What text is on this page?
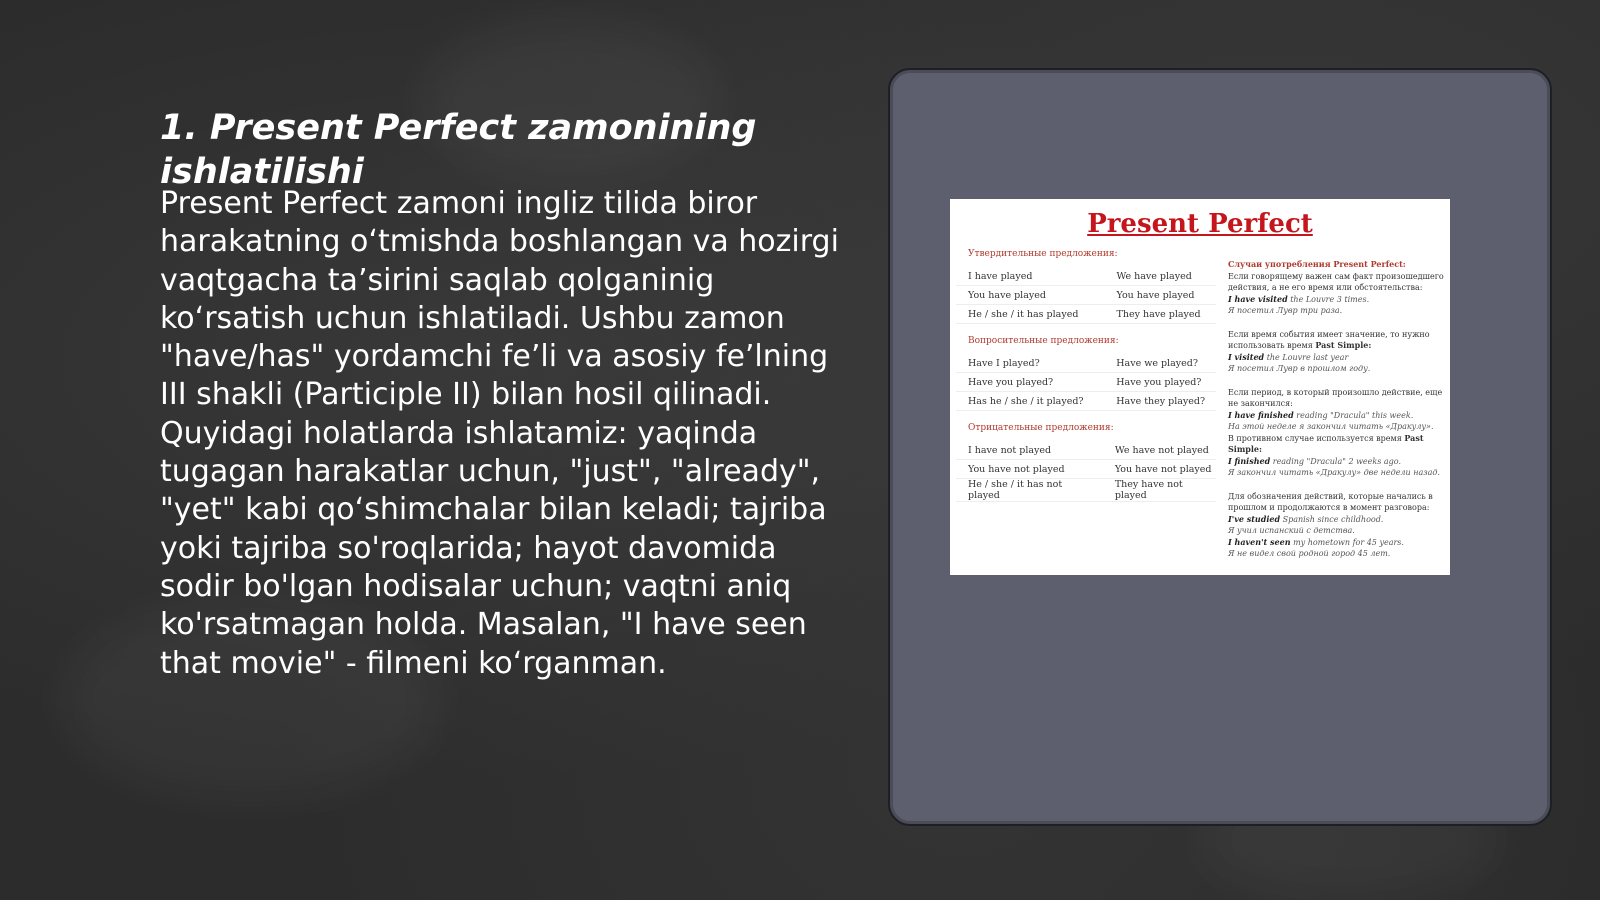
1. Present Perfect zamonining ishlatilishi

Present Perfect zamoni ingliz tilida biror harakatning o‘tmishda boshlangan va hozirgi vaqtgacha ta’sirini saqlab qolganinig ko‘rsatish uchun ishlatiladi. Ushbu zamon "have/has" yordamchi fe’li va asosiy fe’lning III shakli (Participle II) bilan hosil qilinadi. Quyidagi holatlarda ishlatamiz: yaqinda tugagan harakatlar uchun, "just", "already", "yet" kabi qo‘shimchalar bilan keladi; tajriba yoki tajriba so'roqlarida; hayot davomida sodir bo'lgan hodisalar uchun; vaqtni aniq ko'rsatmagan holda. Masalan, "I have seen that movie" - filmeni ko‘rganman.

Present Perfect
Утвердительные предложения:
I have played	We have played
You have played	You have played
He / she / it has played	They have played
Вопросительные предложения:
Have I played?	Have we played?
Have you played?	Have you played?
Has he / she / it played?	Have they played?
Отрицательные предложения:
I have not played	We have not played
You have not played	You have not played
He / she / it has not played	They have not played
Случаи употребления Present Perfect:
Если говорящему важен сам факт произошедшего действия, а не его время или обстоятельства:
I have visited the Louvre 3 times.
Я посетил Лувр три раза.
Если время события имеет значение, то нужно использовать время Past Simple:
I visited the Louvre last year
Я посетил Лувр в прошлом году.
Если период, в который произошло действие, еще не закончился:
I have finished reading "Dracula" this week.
На этой неделе я закончил читать «Дракулу».
В противном случае используется время Past Simple:
I finished reading "Dracula" 2 weeks ago.
Я закончил читать «Дракулу» две недели назад.
Для обозначения действий, которые начались в прошлом и продолжаются в момент разговора:
I've studied Spanish since childhood.
Я учил испанский с детства.
I haven't seen my hometown for 45 years.
Я не видел свой родной город 45 лет.
